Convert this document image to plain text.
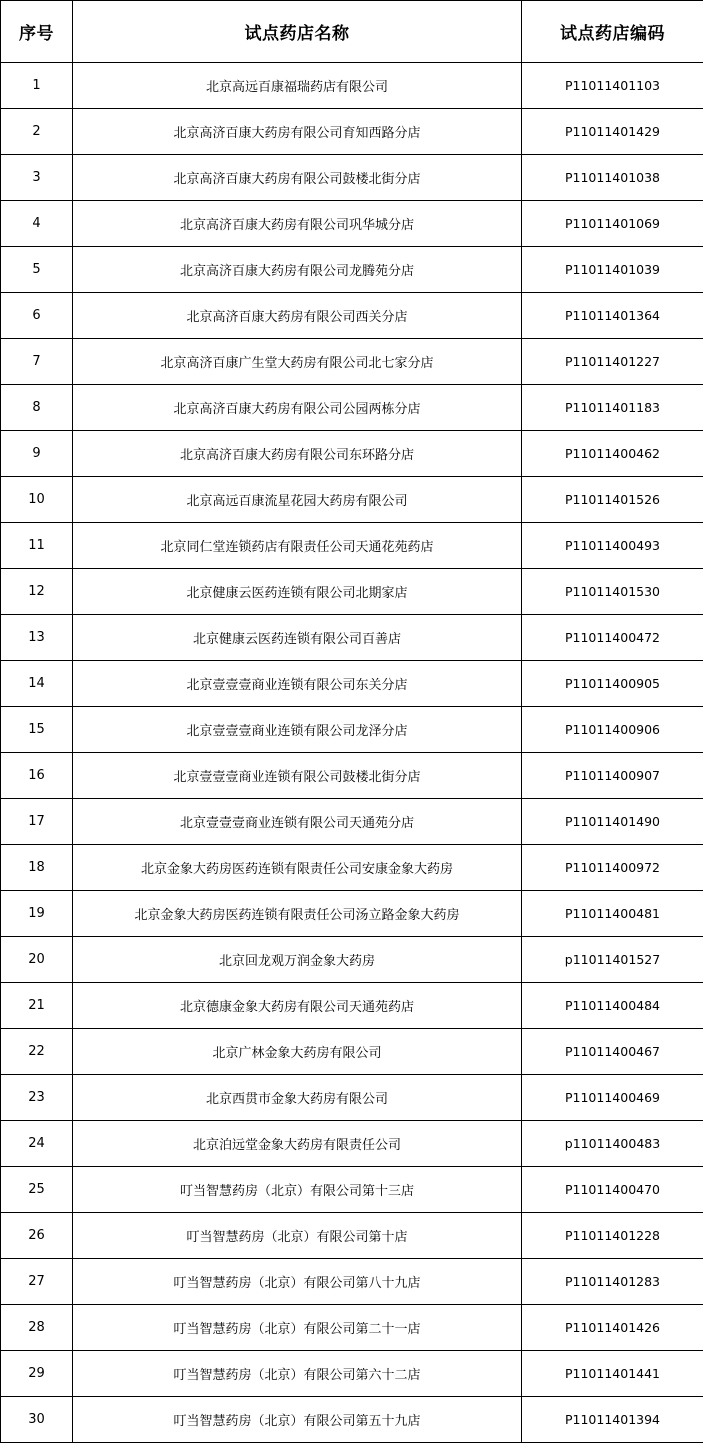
序号	试点药店名称	试点药店编码
1	北京高远百康福瑞药店有限公司	P11011401103
2	北京高济百康大药房有限公司育知西路分店	P11011401429
3	北京高济百康大药房有限公司鼓楼北街分店	P11011401038
4	北京高济百康大药房有限公司巩华城分店	P11011401069
5	北京高济百康大药房有限公司龙腾苑分店	P11011401039
6	北京高济百康大药房有限公司西关分店	P11011401364
7	北京高济百康广生堂大药房有限公司北七家分店	P11011401227
8	北京高济百康大药房有限公司公园两栋分店	P11011401183
9	北京高济百康大药房有限公司东环路分店	P11011400462
10	北京高远百康流星花园大药房有限公司	P11011401526
11	北京同仁堂连锁药店有限责任公司天通花苑药店	P11011400493
12	北京健康云医药连锁有限公司北期家店	P11011401530
13	北京健康云医药连锁有限公司百善店	P11011400472
14	北京壹壹壹商业连锁有限公司东关分店	P11011400905
15	北京壹壹壹商业连锁有限公司龙泽分店	P11011400906
16	北京壹壹壹商业连锁有限公司鼓楼北街分店	P11011400907
17	北京壹壹壹商业连锁有限公司天通苑分店	P11011401490
18	北京金象大药房医药连锁有限责任公司安康金象大药房	P11011400972
19	北京金象大药房医药连锁有限责任公司汤立路金象大药房	P11011400481
20	北京回龙观万润金象大药房	p11011401527
21	北京德康金象大药房有限公司天通苑药店	P11011400484
22	北京广林金象大药房有限公司	P11011400467
23	北京西贯市金象大药房有限公司	P11011400469
24	北京泊远堂金象大药房有限责任公司	p11011400483
25	叮当智慧药房（北京）有限公司第十三店	P11011400470
26	叮当智慧药房（北京）有限公司第十店	P11011401228
27	叮当智慧药房（北京）有限公司第八十九店	P11011401283
28	叮当智慧药房（北京）有限公司第二十一店	P11011401426
29	叮当智慧药房（北京）有限公司第六十二店	P11011401441
30	叮当智慧药房（北京）有限公司第五十九店	P11011401394
